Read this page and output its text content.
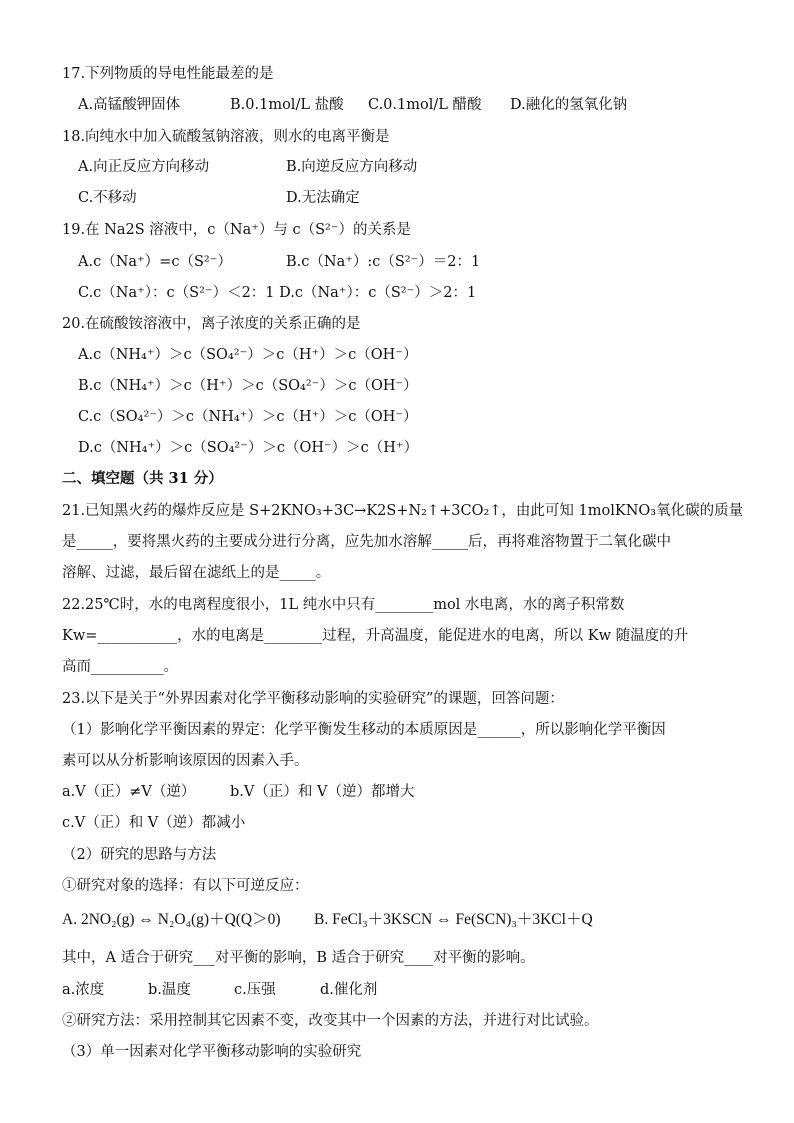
17.下列物质的导电性能最差的是
A.高锰酸钾固体	B.0.1mol/L 盐酸 C.0.1mol/L 醋酸 D.融化的氢氧化钠
18.向纯水中加入硫酸氢钠溶液，则水的电离平衡是
A.向正反应方向移动	B.向逆反应方向移动
C.不移动	D.无法确定
19.在 Na2S 溶液中，c（Na⁺）与 c（S²⁻）的关系是
A.c（Na⁺）=c（S²⁻）	B.c（Na⁺）:c（S²⁻）＝2：1
C.c（Na⁺）：c（S²⁻）＜2：1 D.c（Na⁺）：c（S²⁻）＞2：1
20.在硫酸铵溶液中，离子浓度的关系正确的是
A.c（NH₄⁺）＞c（SO₄²⁻）＞c（H⁺）＞c（OH⁻）
B.c（NH₄⁺）＞c（H⁺）＞c（SO₄²⁻）＞c（OH⁻）
C.c（SO₄²⁻）＞c（NH₄⁺）＞c（H⁺）＞c（OH⁻）
D.c（NH₄⁺）＞c（SO₄²⁻）＞c（OH⁻）＞c（H⁺）
二、填空题（共 31 分）
21.已知黑火药的爆炸反应是 S+2KNO₃+3C→K2S+N₂↑+3CO₂↑，由此可知 1molKNO₃氧化碳的质量
是_____，要将黑火药的主要成分进行分离，应先加水溶解_____后，再将难溶物置于二氧化碳中
溶解、过滤，最后留在滤纸上的是_____。
22.25℃时，水的电离程度很小，1L 纯水中只有________mol 水电离，水的离子积常数
Kw=___________，水的电离是________过程，升高温度，能促进水的电离，所以 Kw 随温度的升
高而__________。
23.以下是关于“外界因素对化学平衡移动影响的实验研究”的课题，回答问题：
（1）影响化学平衡因素的界定：化学平衡发生移动的本质原因是______，所以影响化学平衡因
素可以从分析影响该原因的因素入手。
a.V（正）≠V（逆） b.V（正）和 V（逆）都增大
c.V（正）和 V（逆）都减小
（2）研究的思路与方法
①研究对象的选择：有以下可逆反应：
A. 2NO₂(g) ⇔ N₂O₄(g)＋Q(Q＞0) B. FeCl₃＋3KSCN ⇔ Fe(SCN)₃＋3KCl＋Q
其中，A 适合于研究___对平衡的影响，B 适合于研究____对平衡的影响。
a.浓度	b.温度	c.压强	d.催化剂
②研究方法：采用控制其它因素不变，改变其中一个因素的方法，并进行对比试验。
（3）单一因素对化学平衡移动影响的实验研究
